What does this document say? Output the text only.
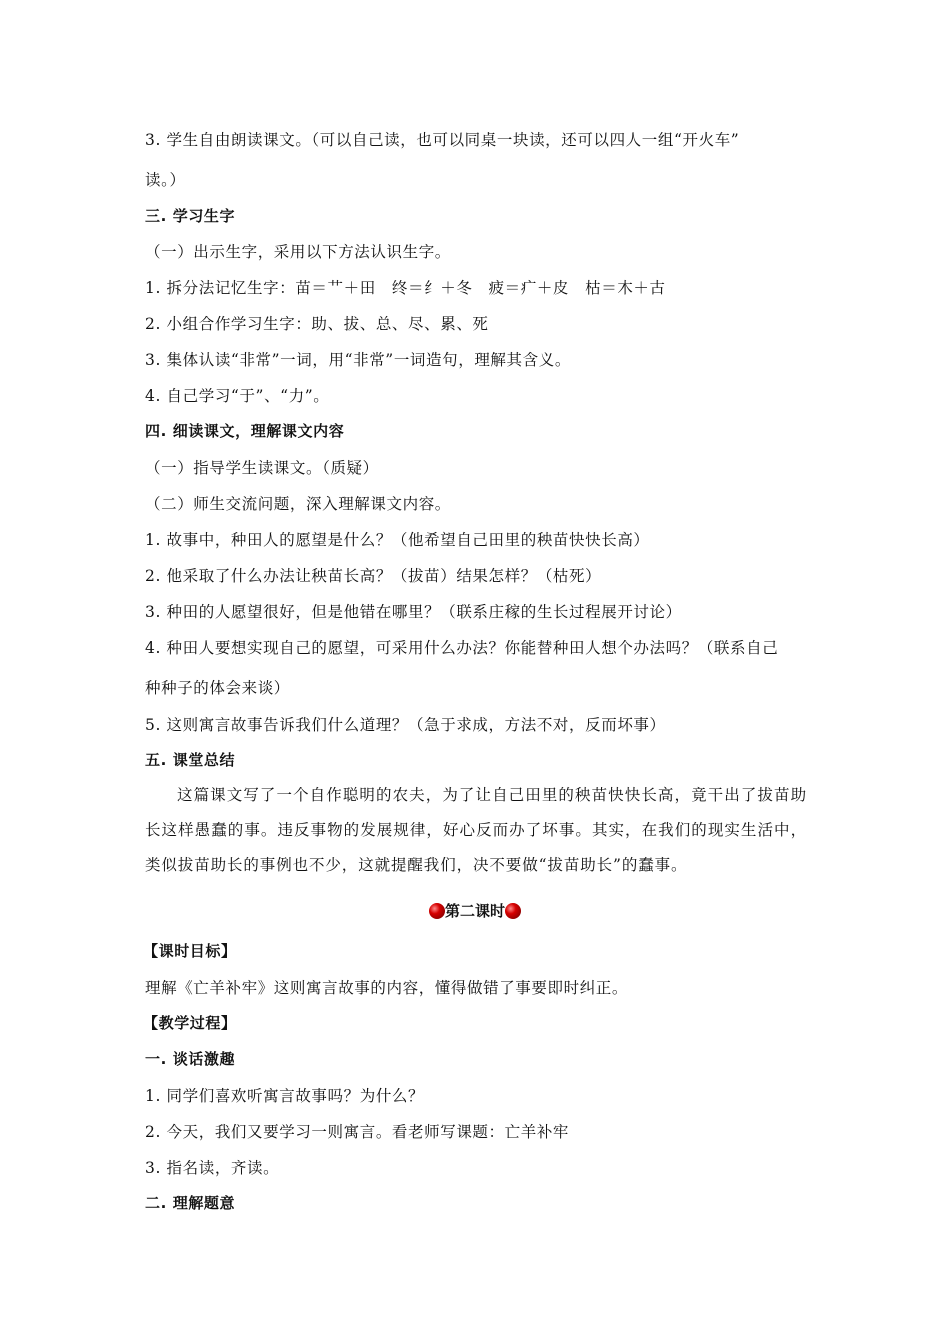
3. 学生自由朗读课文。（可以自己读，也可以同桌一块读，还可以四人一组“开火车”
读。）
三. 学习生字
（一）出示生字，采用以下方法认识生字。
1. 拆分法记忆生字：苗＝艹＋田　终＝纟＋冬　疲＝疒＋皮　枯＝木＋古
2. 小组合作学习生字：助、拔、总、尽、累、死
3. 集体认读“非常”一词，用“非常”一词造句，理解其含义。
4. 自己学习“于”、“力”。
四. 细读课文，理解课文内容
（一）指导学生读课文。（质疑）
（二）师生交流问题，深入理解课文内容。
1. 故事中，种田人的愿望是什么？（他希望自己田里的秧苗快快长高）
2. 他采取了什么办法让秧苗长高？（拔苗）结果怎样？（枯死）
3. 种田的人愿望很好，但是他错在哪里？（联系庄稼的生长过程展开讨论）
4. 种田人要想实现自己的愿望，可采用什么办法？你能替种田人想个办法吗？（联系自己
种种子的体会来谈）
5. 这则寓言故事告诉我们什么道理？（急于求成，方法不对，反而坏事）
五. 课堂总结
这篇课文写了一个自作聪明的农夫，为了让自己田里的秧苗快快长高，竟干出了拔苗助长这样愚蠢的事。违反事物的发展规律，好心反而办了坏事。其实，在我们的现实生活中，类似拔苗助长的事例也不少，这就提醒我们，决不要做“拔苗助长”的蠢事。
第二课时
【课时目标】
理解《亡羊补牢》这则寓言故事的内容，懂得做错了事要即时纠正。
【教学过程】
一. 谈话激趣
1. 同学们喜欢听寓言故事吗？为什么？
2. 今天，我们又要学习一则寓言。看老师写课题：亡羊补牢
3. 指名读，齐读。
二. 理解题意
